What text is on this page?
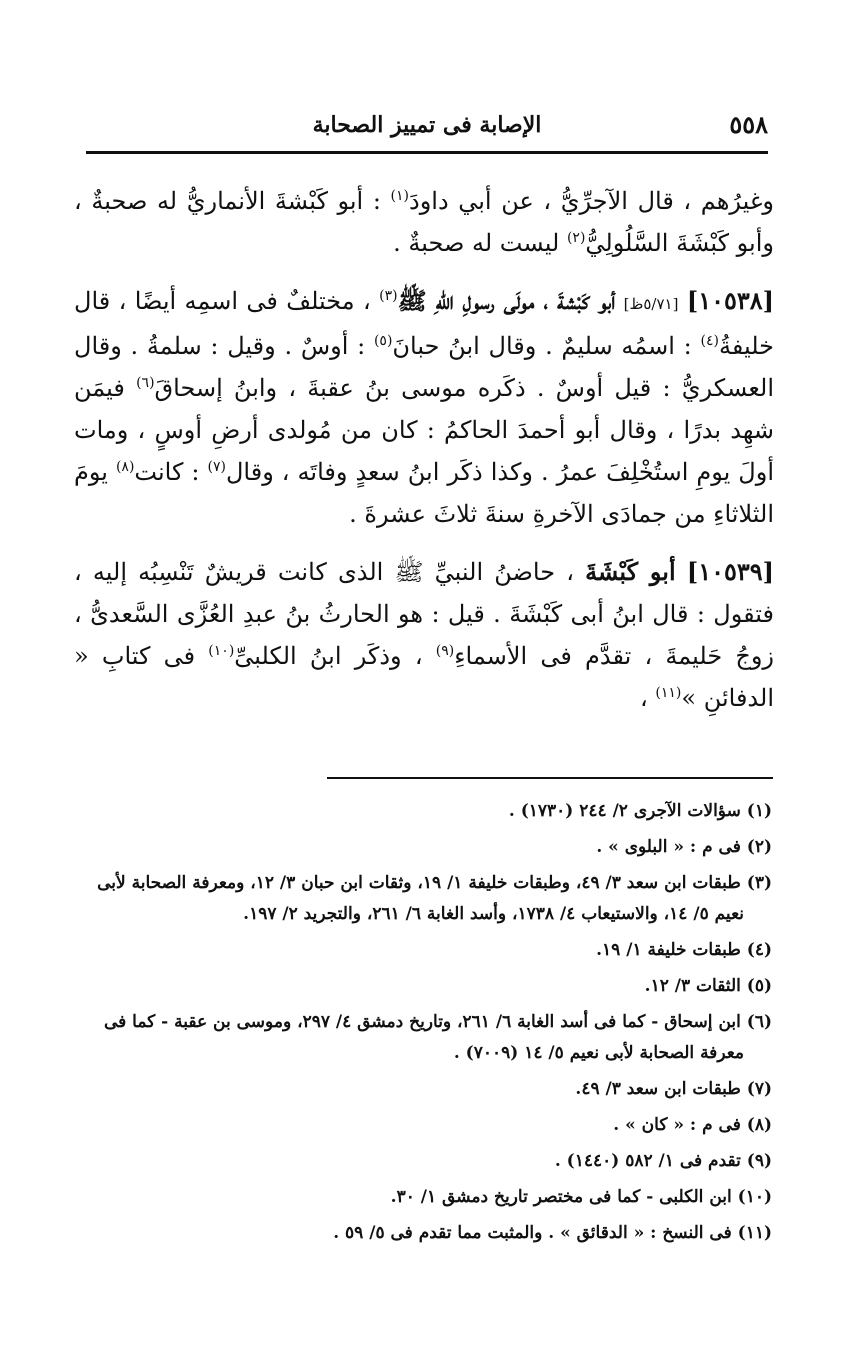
٥٥٨
الإصابة فى تمييز الصحابة

وغيرُهم ، قال الآجرِّيُّ ، عن أبي داودَ$^{(١)}$ : أبو كَبْشةَ الأنماريُّ له صحبةٌ ، وأبو كَبْشَةَ السَّلُولِيُّ$^{(٢)}$ ليست له صحبةٌ .

[١٠٥٣٨] [٥/٧١ظ] أبو كَبْشةَ ، مولَى رسولِ اللهِ ﷺ$^{(٣)}$ ، مختلفٌ فى اسمِه أيضًا ، قال خليفةُ$^{(٤)}$ : اسمُه سليمٌ . وقال ابنُ حبانَ$^{(٥)}$ : أوسٌ . وقيل : سلمةُ . وقال العسكريُّ : قيل أوسٌ . ذكَره موسى بنُ عقبةَ ، وابنُ إسحاقَ$^{(٦)}$ فيمَن شهِد بدرًا ، وقال أبو أحمدَ الحاكمُ : كان من مُولدى أرضِ أوسٍ ، ومات أولَ يومِ استُخْلِفَ عمرُ . وكذا ذكَر ابنُ سعدٍ وفاتَه ، وقال$^{(٧)}$ : كانت$^{(٨)}$ يومَ الثلاثاءِ من جمادَى الآخرةِ سنةَ ثلاثَ عشرةَ .

[١٠٥٣٩] أبو كَبْشَةَ ، حاضنُ النبيِّ ﷺ الذى كانت قريشٌ تَنْسِبُه إليه ، فتقول : قال ابنُ أبى كَبْشَةَ . قيل : هو الحارثُ بنُ عبدِ العُزَّى السَّعدىُّ ، زوجُ حَليمةَ ، تقدَّم فى الأسماءِ$^{(٩)}$ ، وذكَر ابنُ الكلبىِّ$^{(١٠)}$ فى كتابِ « الدفائنِ »$^{(١١)}$ ،

(١) سؤالات الآجرى ٢/ ٢٤٤ (١٧٣٠) .
(٢) فى م : « البلوى » .
(٣) طبقات ابن سعد ٣/ ٤٩، وطبقات خليفة ١/ ١٩، وثقات ابن حبان ٣/ ١٢، ومعرفة الصحابة لأبى
نعيم ٥/ ١٤، والاستيعاب ٤/ ١٧٣٨، وأسد الغابة ٦/ ٢٦١، والتجريد ٢/ ١٩٧.
(٤) طبقات خليفة ١/ ١٩.
(٥) الثقات ٣/ ١٢.
(٦) ابن إسحاق - كما فى أسد الغابة ٦/ ٢٦١، وتاريخ دمشق ٤/ ٢٩٧، وموسى بن عقبة - كما فى
معرفة الصحابة لأبى نعيم ٥/ ١٤ (٧٠٠٩) .
(٧) طبقات ابن سعد ٣/ ٤٩.
(٨) فى م : « كان » .
(٩) تقدم فى ١/ ٥٨٢ (١٤٤٠) .
(١٠) ابن الكلبى - كما فى مختصر تاريخ دمشق ١/ ٣٠.
(١١) فى النسخ : « الدقائق » . والمثبت مما تقدم فى ٥/ ٥٩ .
